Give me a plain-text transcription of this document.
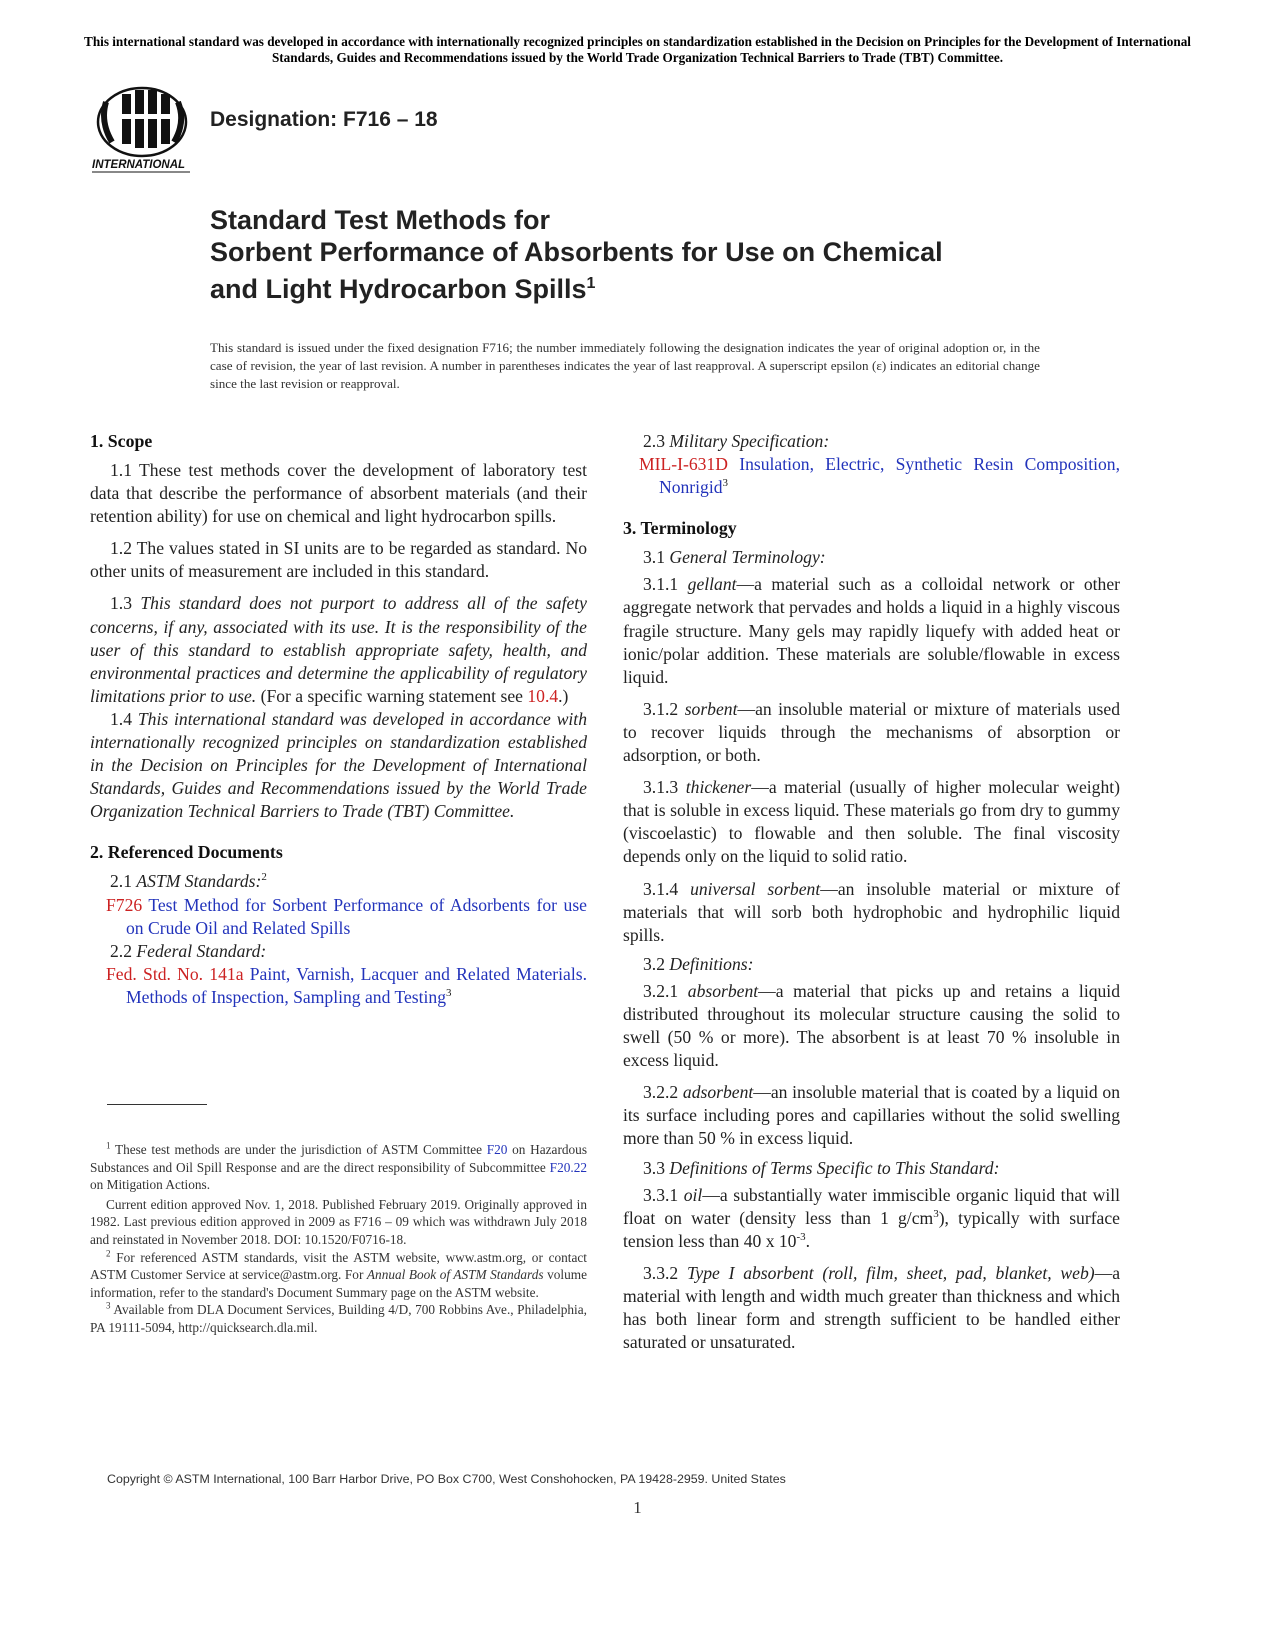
This international standard was developed in accordance with internationally recognized principles on standardization established in the Decision on Principles for the Development of International Standards, Guides and Recommendations issued by the World Trade Organization Technical Barriers to Trade (TBT) Committee.
INTERNATIONAL
Designation: F716 – 18
Standard Test Methods for
Sorbent Performance of Absorbents for Use on Chemical
and Light Hydrocarbon Spills$^1$
This standard is issued under the fixed designation F716; the number immediately following the designation indicates the year of original adoption or, in the case of revision, the year of last revision. A number in parentheses indicates the year of last reapproval. A superscript epsilon (ε) indicates an editorial change since the last revision or reapproval.
1. Scope

1.1 These test methods cover the development of laboratory test data that describe the performance of absorbent materials (and their retention ability) for use on chemical and light hydrocarbon spills.

1.2 The values stated in SI units are to be regarded as standard. No other units of measurement are included in this standard.

1.3 This standard does not purport to address all of the safety concerns, if any, associated with its use. It is the responsibility of the user of this standard to establish appropriate safety, health, and environmental practices and determine the applicability of regulatory limitations prior to use. (For a specific warning statement see 10.4.)

1.4 This international standard was developed in accordance with internationally recognized principles on standardization established in the Decision on Principles for the Development of International Standards, Guides and Recommendations issued by the World Trade Organization Technical Barriers to Trade (TBT) Committee.

2. Referenced Documents

2.1 ASTM Standards:$^2$

F726 Test Method for Sorbent Performance of Adsorbents for use on Crude Oil and Related Spills

2.2 Federal Standard:

Fed. Std. No. 141a Paint, Varnish, Lacquer and Related Materials. Methods of Inspection, Sampling and Testing$^3$

$^1$ These test methods are under the jurisdiction of ASTM Committee F20 on Hazardous Substances and Oil Spill Response and are the direct responsibility of Subcommittee F20.22 on Mitigation Actions.

Current edition approved Nov. 1, 2018. Published February 2019. Originally approved in 1982. Last previous edition approved in 2009 as F716 – 09 which was withdrawn July 2018 and reinstated in November 2018. DOI: 10.1520/F0716-18.

$^2$ For referenced ASTM standards, visit the ASTM website, www.astm.org, or contact ASTM Customer Service at service@astm.org. For Annual Book of ASTM Standards volume information, refer to the standard's Document Summary page on the ASTM website.

$^3$ Available from DLA Document Services, Building 4/D, 700 Robbins Ave., Philadelphia, PA 19111-5094, http://quicksearch.dla.mil.

2.3 Military Specification:

MIL-I-631D Insulation, Electric, Synthetic Resin Composition, Nonrigid$^3$

3. Terminology

3.1 General Terminology:

3.1.1 gellant—a material such as a colloidal network or other aggregate network that pervades and holds a liquid in a highly viscous fragile structure. Many gels may rapidly liquefy with added heat or ionic/polar addition. These materials are soluble/flowable in excess liquid.

3.1.2 sorbent—an insoluble material or mixture of materials used to recover liquids through the mechanisms of absorption or adsorption, or both.

3.1.3 thickener—a material (usually of higher molecular weight) that is soluble in excess liquid. These materials go from dry to gummy (viscoelastic) to flowable and then soluble. The final viscosity depends only on the liquid to solid ratio.

3.1.4 universal sorbent—an insoluble material or mixture of materials that will sorb both hydrophobic and hydrophilic liquid spills.

3.2 Definitions:

3.2.1 absorbent—a material that picks up and retains a liquid distributed throughout its molecular structure causing the solid to swell (50 % or more). The absorbent is at least 70 % insoluble in excess liquid.

3.2.2 adsorbent—an insoluble material that is coated by a liquid on its surface including pores and capillaries without the solid swelling more than 50 % in excess liquid.

3.3 Definitions of Terms Specific to This Standard:

3.3.1 oil—a substantially water immiscible organic liquid that will float on water (density less than 1 $g/cm^3$), typically with surface tension less than 40 x $10^{-3}$.

3.3.2 Type I absorbent (roll, film, sheet, pad, blanket, web)—a material with length and width much greater than thickness and which has both linear form and strength sufficient to be handled either saturated or unsaturated.

Copyright © ASTM International, 100 Barr Harbor Drive, PO Box C700, West Conshohocken, PA 19428-2959. United States
1
